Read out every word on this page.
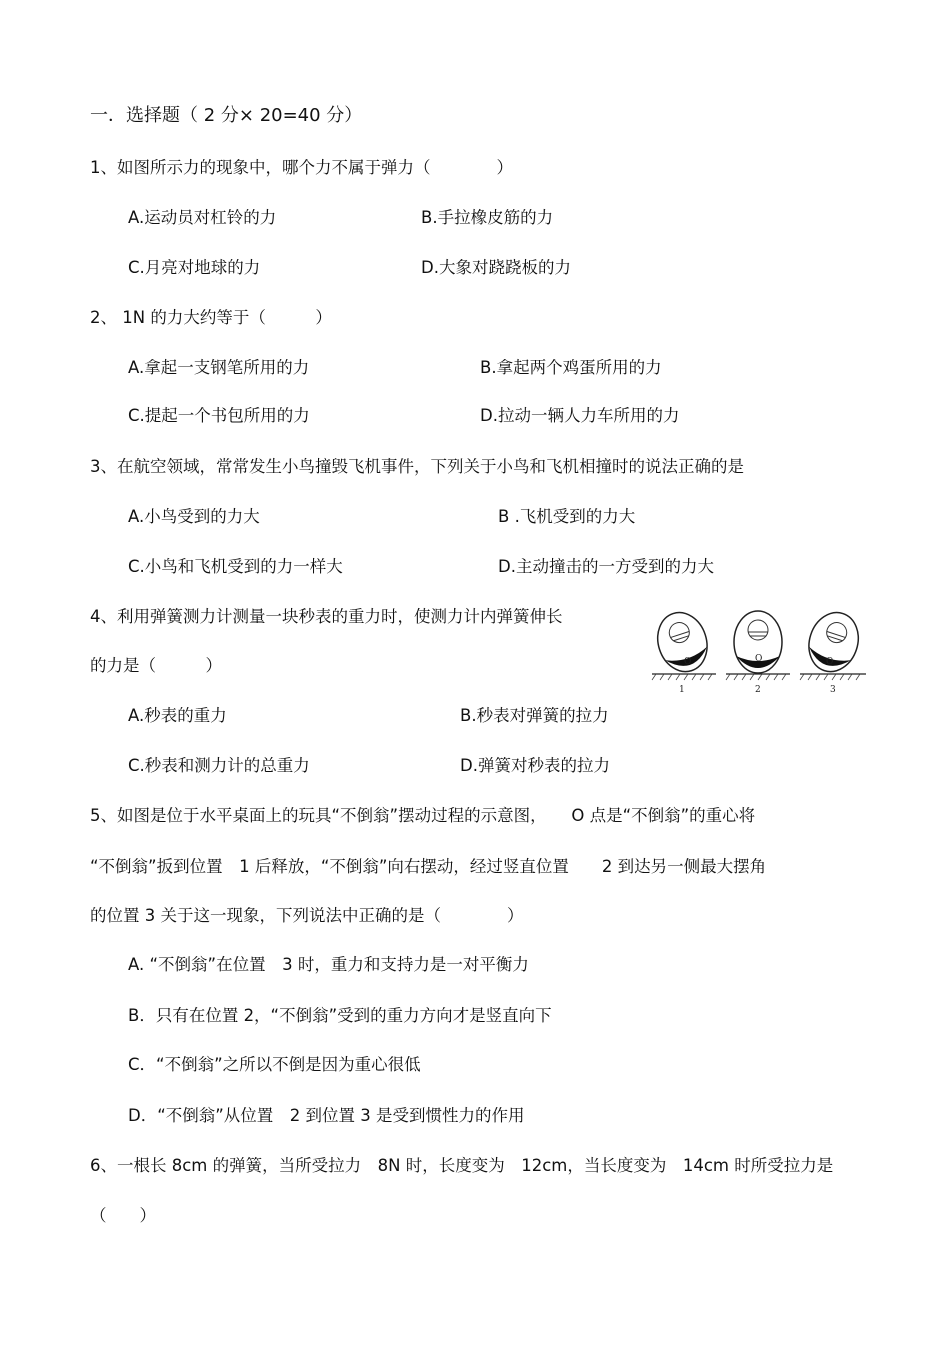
一．选择题（ 2 分× 20=40 分）
1、如图所示力的现象中，哪个力不属于弹力（　　　　）
A.运动员对杠铃的力	B.手拉橡皮筋的力
C.月亮对地球的力	D.大象对跷跷板的力
2、 1N 的力大约等于（　　　）
A.拿起一支钢笔所用的力	B.拿起两个鸡蛋所用的力
C.提起一个书包所用的力	D.拉动一辆人力车所用的力
3、在航空领域，常常发生小鸟撞毁飞机事件，下列关于小鸟和飞机相撞时的说法正确的是
A.小鸟受到的力大	B .飞机受到的力大
C.小鸟和飞机受到的力一样大	D.主动撞击的一方受到的力大
4、利用弹簧测力计测量一块秒表的重力时，使测力计内弹簧伸长
的力是（　　　）
A.秒表的重力	B.秒表对弹簧的拉力
C.秒表和测力计的总重力	D.弹簧对秒表的拉力
O	O	O
1	2	3
5、如图是位于水平桌面上的玩具“不倒翁”摆动过程的示意图，　　O 点是“不倒翁”的重心将
“不倒翁”扳到位置　1 后释放，“不倒翁”向右摆动，经过竖直位置　　2 到达另一侧最大摆角
的位置 3 关于这一现象，下列说法中正确的是（　　　　）
A. “不倒翁”在位置　3 时，重力和支持力是一对平衡力
B．只有在位置 2，“不倒翁”受到的重力方向才是竖直向下
C．“不倒翁”之所以不倒是因为重心很低
D．“不倒翁”从位置　2 到位置 3 是受到惯性力的作用
6、一根长 8cm 的弹簧，当所受拉力　8N 时，长度变为　12cm，当长度变为　14cm 时所受拉力是
（　　）
